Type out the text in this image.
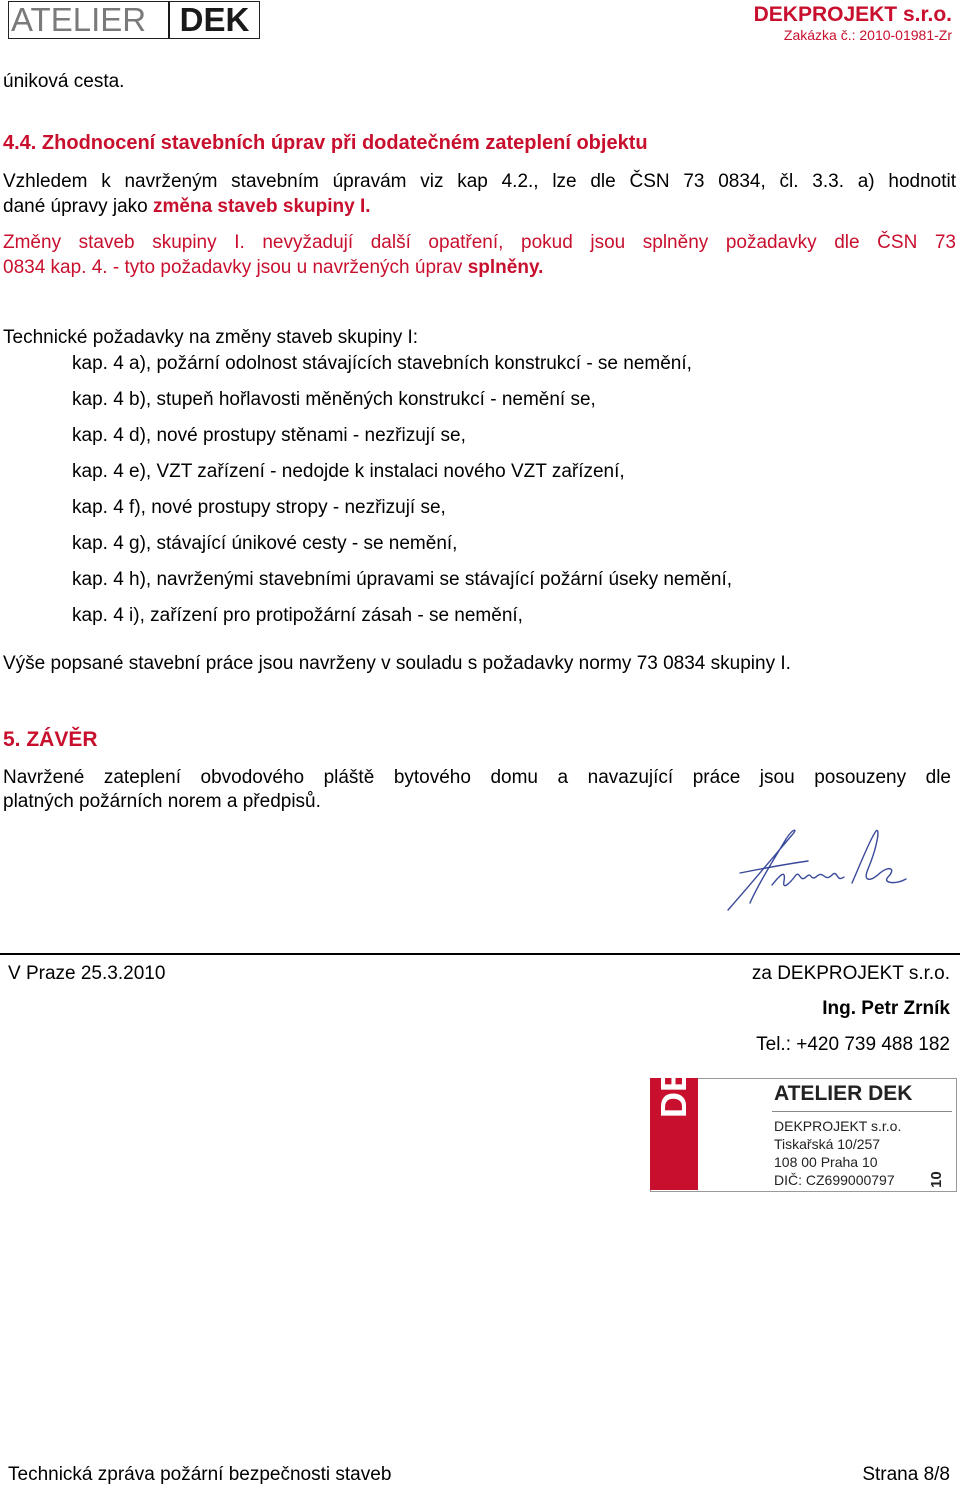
ATELIER	DEK	DEKPROJEKT s.r.o.
Zakázka č.: 2010-01981-Zr
úniková cesta.
4.4. Zhodnocení stavebních úprav při dodatečném zateplení objektu
Vzhledem k navrženým stavebním úpravám viz kap 4.2., lze dle ČSN 73 0834, čl. 3.3. a) hodnotit
dané úpravy jako změna staveb skupiny I.
Změny staveb skupiny I. nevyžadují další opatření, pokud jsou splněny požadavky dle ČSN 73
0834 kap. 4. - tyto požadavky jsou u navržených úprav splněny.
Technické požadavky na změny staveb skupiny I:
kap. 4 a), požární odolnost stávajících stavebních konstrukcí - se nemění,
kap. 4 b), stupeň hořlavosti měněných konstrukcí - nemění se,
kap. 4 d), nové prostupy stěnami - nezřizují se,
kap. 4 e), VZT zařízení - nedojde k instalaci nového VZT zařízení,
kap. 4 f), nové prostupy stropy - nezřizují se,
kap. 4 g), stávající únikové cesty - se nemění,
kap. 4 h), navrženými stavebními úpravami se stávající požární úseky nemění,
kap. 4 i), zařízení pro protipožární zásah - se nemění,
Výše popsané stavební práce jsou navrženy v souladu s požadavky normy 73 0834 skupiny I.
5. ZÁVĚR
Navržené zateplení obvodového pláště bytového domu a navazující práce jsou posouzeny dle
platných požárních norem a předpisů.
V Praze 25.3.2010	za DEKPROJEKT s.r.o.
Ing. Petr Zrník
Tel.: +420 739 488 182
DEK	ATELIER DEK
DEKPROJEKT s.r.o.
Tiskařská 10/257
108 00 Praha 10
DIČ: CZ699000797 10
Technická zpráva požární bezpečnosti staveb	Strana 8/8
